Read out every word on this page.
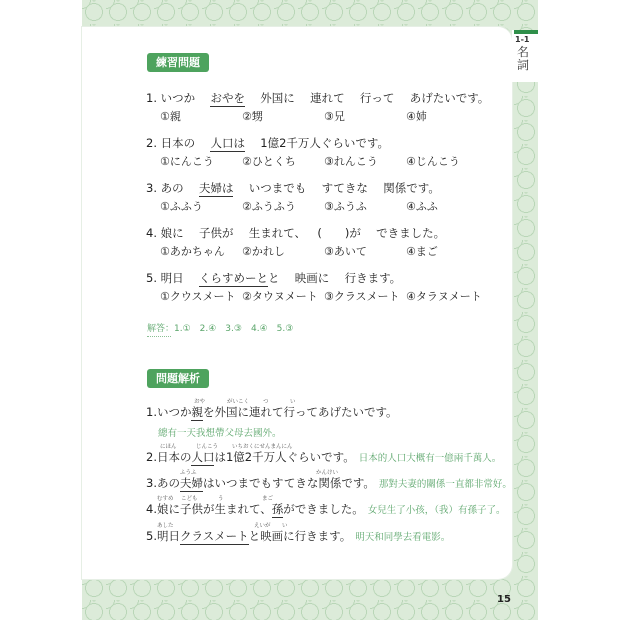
1-1
名詞
練習問題
1. いつか おやを 外国に 連れて 行って あげたいです。
①親	②甥	③兄	④姉
2. 日本の 人口は 1億2千万人ぐらいです。
①にんこう	②ひとくち	③れんこう	④じんこう
3. あの 夫婦は いつまでも すてきな 関係です。
①ふふう	②ふうふう	③ふうふ	④ふふ
4. 娘に 子供が 生まれて、 (　　)が できました。
①あかちゃん ②かれし	③あいて	④まご
5. 明日 くらすめーとと 映画に 行きます。
①クウスメート ②タウヌメート ③クラスメート ④タラヌメート
解答：1.①　2.④　3.③　4.④　5.③
問題解析
おや	がいこく	つ	い
1.いつか親を外国に連れて行ってあげたいです。
總有一天我想帶父母去國外。
にほん	じんこう	いちおくにせんまんにん
2.日本の人口は1億2千万人ぐらいです。 日本的人口大概有一億兩千萬人。
ふうふ	かんけい
3.あの夫婦はいつまでもすてきな関係です。 那對夫妻的關係一直都非常好。
むすめ こども	う	まご
4.娘に子供が生まれて、孫ができました。 女兒生了小孩，（我）有孫子了。
あした	えいが い
5.明日クラスメートと映画に行きます。 明天和同學去看電影。
15
